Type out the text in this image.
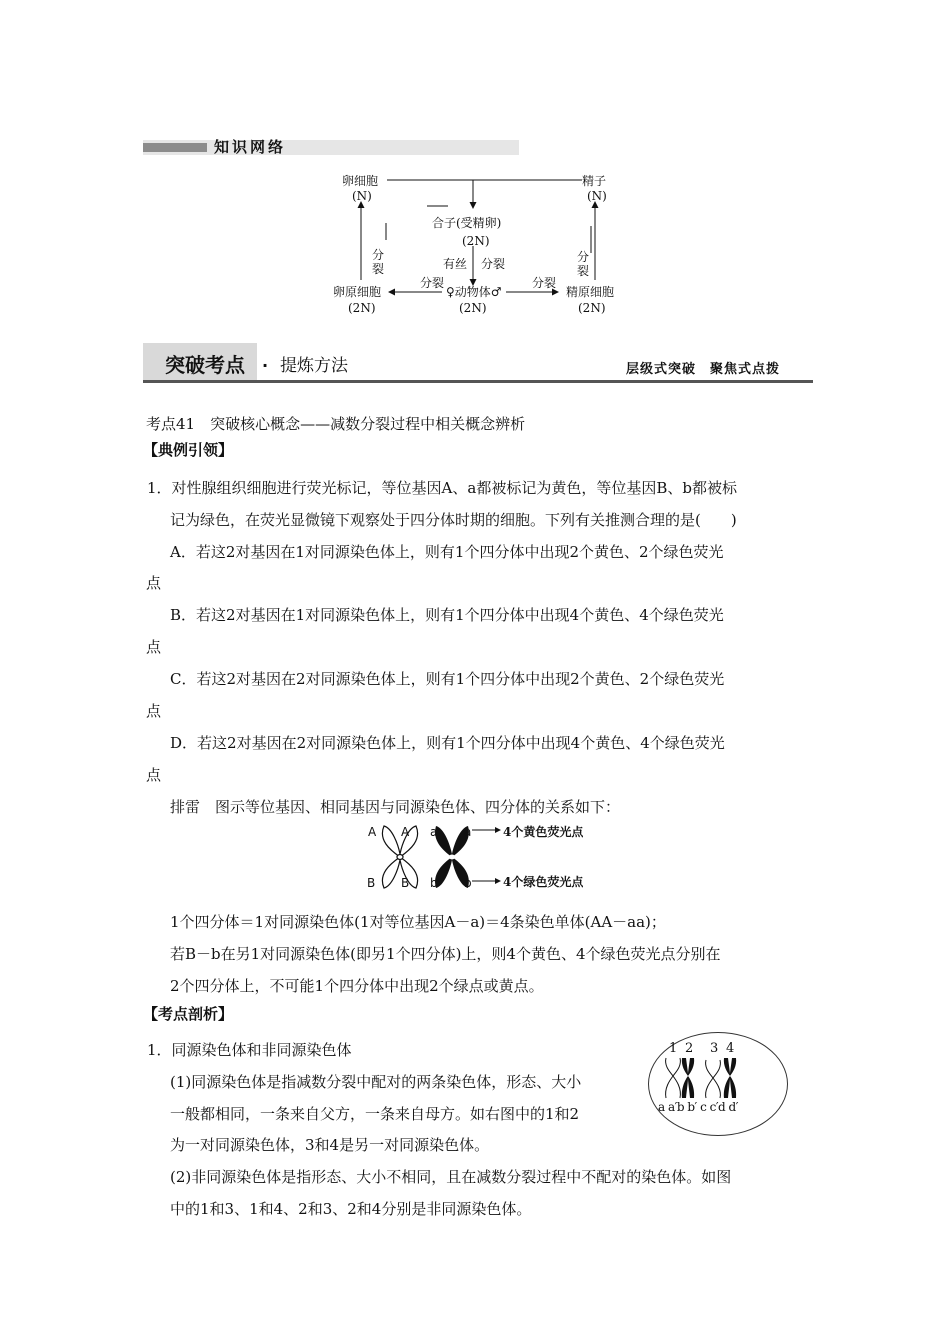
知识网络
卵细胞
(N)
精子
(N)
合子(受精卵)
(2N)
分裂
分裂
有丝 分裂
卵原细胞
(2N)
♀动物体♂
(2N)
精原细胞
(2N)
分裂	分裂
突破考点 · 提炼方法	层级式突破　聚焦式点拨
考点41　突破核心概念——减数分裂过程中相关概念辨析
【典例引领】
1．对性腺组织细胞进行荧光标记，等位基因A、a都被标记为黄色，等位基因B、b都被标
记为绿色，在荧光显微镜下观察处于四分体时期的细胞。下列有关推测合理的是(　　)
A．若这2对基因在1对同源染色体上，则有1个四分体中出现2个黄色、2个绿色荧光
点
B．若这2对基因在1对同源染色体上，则有1个四分体中出现4个黄色、4个绿色荧光
点
C．若这2对基因在2对同源染色体上，则有1个四分体中出现2个黄色、2个绿色荧光
点
D．若这2对基因在2对同源染色体上，则有1个四分体中出现4个黄色、4个绿色荧光
点
排雷　图示等位基因、相同基因与同源染色体、四分体的关系如下：
A A
B B
a a
b b
4个黄色荧光点
4个绿色荧光点
1个四分体＝1对同源染色体(1对等位基因A－a)＝4条染色单体(AA－aa)；
若B－b在另1对同源染色体(即另1个四分体)上，则4个黄色、4个绿色荧光点分别在
2个四分体上，不可能1个四分体中出现2个绿点或黄点。
【考点剖析】
1．同源染色体和非同源染色体
(1)同源染色体是指减数分裂中配对的两条染色体，形态、大小
一般都相同，一条来自父方，一条来自母方。如右图中的1和2
为一对同源染色体，3和4是另一对同源染色体。
(2)非同源染色体是指形态、大小不相同，且在减数分裂过程中不配对的染色体。如图
中的1和3、1和4、2和3、2和4分别是非同源染色体。
1 2 3 4
a a′b b′ c c′d d′
